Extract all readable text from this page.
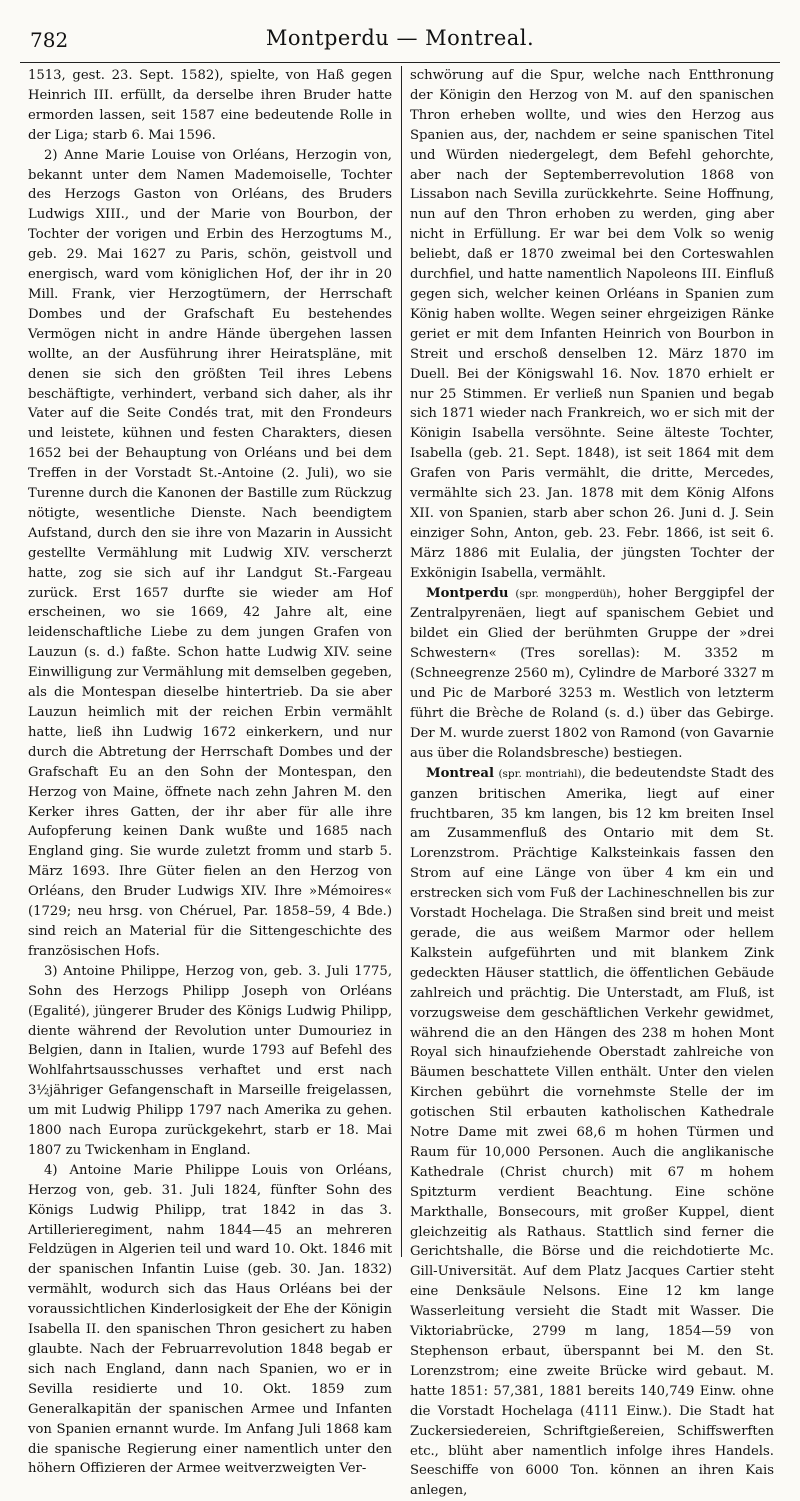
782	Montperdu — Montreal.

1513, gest. 23. Sept. 1582), spielte, von Haß gegen Heinrich III. erfüllt, da derselbe ihren Bruder hatte ermorden lassen, seit 1587 eine bedeutende Rolle in der Liga; starb 6. Mai 1596.

2) Anne Marie Louise von Orléans, Herzogin von, bekannt unter dem Namen Mademoiselle, Tochter des Herzogs Gaston von Orléans, des Bruders Ludwigs XIII., und der Marie von Bourbon, der Tochter der vorigen und Erbin des Herzogtums M., geb. 29. Mai 1627 zu Paris, schön, geistvoll und energisch, ward vom königlichen Hof, der ihr in 20 Mill. Frank, vier Herzogtümern, der Herrschaft Dombes und der Grafschaft Eu bestehendes Vermögen nicht in andre Hände übergehen lassen wollte, an der Ausführung ihrer Heiratspläne, mit denen sie sich den größten Teil ihres Lebens beschäftigte, verhindert, verband sich daher, als ihr Vater auf die Seite Condés trat, mit den Frondeurs und leistete, kühnen und festen Charakters, diesen 1652 bei der Behauptung von Orléans und bei dem Treffen in der Vorstadt St.-Antoine (2. Juli), wo sie Turenne durch die Kanonen der Bastille zum Rückzug nötigte, wesentliche Dienste. Nach beendigtem Aufstand, durch den sie ihre von Mazarin in Aussicht gestellte Vermählung mit Ludwig XIV. verscherzt hatte, zog sie sich auf ihr Landgut St.-Fargeau zurück. Erst 1657 durfte sie wieder am Hof erscheinen, wo sie 1669, 42 Jahre alt, eine leidenschaftliche Liebe zu dem jungen Grafen von Lauzun (s. d.) faßte. Schon hatte Ludwig XIV. seine Einwilligung zur Vermählung mit demselben gegeben, als die Montespan dieselbe hintertrieb. Da sie aber Lauzun heimlich mit der reichen Erbin vermählt hatte, ließ ihn Ludwig 1672 einkerkern, und nur durch die Abtretung der Herrschaft Dombes und der Grafschaft Eu an den Sohn der Montespan, den Herzog von Maine, öffnete nach zehn Jahren M. den Kerker ihres Gatten, der ihr aber für alle ihre Aufopferung keinen Dank wußte und 1685 nach England ging. Sie wurde zuletzt fromm und starb 5. März 1693. Ihre Güter fielen an den Herzog von Orléans, den Bruder Ludwigs XIV. Ihre »Mémoires« (1729; neu hrsg. von Chéruel, Par. 1858–59, 4 Bde.) sind reich an Material für die Sittengeschichte des französischen Hofs.

3) Antoine Philippe, Herzog von, geb. 3. Juli 1775, Sohn des Herzogs Philipp Joseph von Orléans (Egalité), jüngerer Bruder des Königs Ludwig Philipp, diente während der Revolution unter Dumouriez in Belgien, dann in Italien, wurde 1793 auf Befehl des Wohlfahrtsausschusses verhaftet und erst nach 3½jähriger Gefangenschaft in Marseille freigelassen, um mit Ludwig Philipp 1797 nach Amerika zu gehen. 1800 nach Europa zurückgekehrt, starb er 18. Mai 1807 zu Twickenham in England.

4) Antoine Marie Philippe Louis von Orléans, Herzog von, geb. 31. Juli 1824, fünfter Sohn des Königs Ludwig Philipp, trat 1842 in das 3. Artillerieregiment, nahm 1844—45 an mehreren Feldzügen in Algerien teil und ward 10. Okt. 1846 mit der spanischen Infantin Luise (geb. 30. Jan. 1832) vermählt, wodurch sich das Haus Orléans bei der voraussichtlichen Kinderlosigkeit der Ehe der Königin Isabella II. den spanischen Thron gesichert zu haben glaubte. Nach der Februarrevolution 1848 begab er sich nach England, dann nach Spanien, wo er in Sevilla residierte und 10. Okt. 1859 zum Generalkapitän der spanischen Armee und Infanten von Spanien ernannt wurde. Im Anfang Juli 1868 kam die spanische Regierung einer namentlich unter den höhern Offizieren der Armee weitverzweigten Ver-

schwörung auf die Spur, welche nach Entthronung der Königin den Herzog von M. auf den spanischen Thron erheben wollte, und wies den Herzog aus Spanien aus, der, nachdem er seine spanischen Titel und Würden niedergelegt, dem Befehl gehorchte, aber nach der Septemberrevolution 1868 von Lissabon nach Sevilla zurückkehrte. Seine Hoffnung, nun auf den Thron erhoben zu werden, ging aber nicht in Erfüllung. Er war bei dem Volk so wenig beliebt, daß er 1870 zweimal bei den Corteswahlen durchfiel, und hatte namentlich Napoleons III. Einfluß gegen sich, welcher keinen Orléans in Spanien zum König haben wollte. Wegen seiner ehrgeizigen Ränke geriet er mit dem Infanten Heinrich von Bourbon in Streit und erschoß denselben 12. März 1870 im Duell. Bei der Königswahl 16. Nov. 1870 erhielt er nur 25 Stimmen. Er verließ nun Spanien und begab sich 1871 wieder nach Frankreich, wo er sich mit der Königin Isabella versöhnte. Seine älteste Tochter, Isabella (geb. 21. Sept. 1848), ist seit 1864 mit dem Grafen von Paris vermählt, die dritte, Mercedes, vermählte sich 23. Jan. 1878 mit dem König Alfons XII. von Spanien, starb aber schon 26. Juni d. J. Sein einziger Sohn, Anton, geb. 23. Febr. 1866, ist seit 6. März 1886 mit Eulalia, der jüngsten Tochter der Exkönigin Isabella, vermählt.

Montperdu (spr. mongperdüh), hoher Berggipfel der Zentralpyrenäen, liegt auf spanischem Gebiet und bildet ein Glied der berühmten Gruppe der »drei Schwestern« (Tres sorellas): M. 3352 m (Schneegrenze 2560 m), Cylindre de Marboré 3327 m und Pic de Marboré 3253 m. Westlich von letzterm führt die Brèche de Roland (s. d.) über das Gebirge. Der M. wurde zuerst 1802 von Ramond (von Gavarnie aus über die Rolandsbresche) bestiegen.

Montreal (spr. montriahl), die bedeutendste Stadt des ganzen britischen Amerika, liegt auf einer fruchtbaren, 35 km langen, bis 12 km breiten Insel am Zusammenfluß des Ontario mit dem St. Lorenzstrom. Prächtige Kalksteinkais fassen den Strom auf eine Länge von über 4 km ein und erstrecken sich vom Fuß der Lachineschnellen bis zur Vorstadt Hochelaga. Die Straßen sind breit und meist gerade, die aus weißem Marmor oder hellem Kalkstein aufgeführten und mit blankem Zink gedeckten Häuser stattlich, die öffentlichen Gebäude zahlreich und prächtig. Die Unterstadt, am Fluß, ist vorzugsweise dem geschäftlichen Verkehr gewidmet, während die an den Hängen des 238 m hohen Mont Royal sich hinaufziehende Oberstadt zahlreiche von Bäumen beschattete Villen enthält. Unter den vielen Kirchen gebührt die vornehmste Stelle der im gotischen Stil erbauten katholischen Kathedrale Notre Dame mit zwei 68,6 m hohen Türmen und Raum für 10,000 Personen. Auch die anglikanische Kathedrale (Christ church) mit 67 m hohem Spitzturm verdient Beachtung. Eine schöne Markthalle, Bonsecours, mit großer Kuppel, dient gleichzeitig als Rathaus. Stattlich sind ferner die Gerichtshalle, die Börse und die reichdotierte Mc. Gill-Universität. Auf dem Platz Jacques Cartier steht eine Denksäule Nelsons. Eine 12 km lange Wasserleitung versieht die Stadt mit Wasser. Die Viktoriabrücke, 2799 m lang, 1854—59 von Stephenson erbaut, überspannt bei M. den St. Lorenzstrom; eine zweite Brücke wird gebaut. M. hatte 1851: 57,381, 1881 bereits 140,749 Einw. ohne die Vorstadt Hochelaga (4111 Einw.). Die Stadt hat Zuckersiedereien, Schriftgießereien, Schiffswerften etc., blüht aber namentlich infolge ihres Handels. Seeschiffe von 6000 Ton. können an ihren Kais anlegen,
